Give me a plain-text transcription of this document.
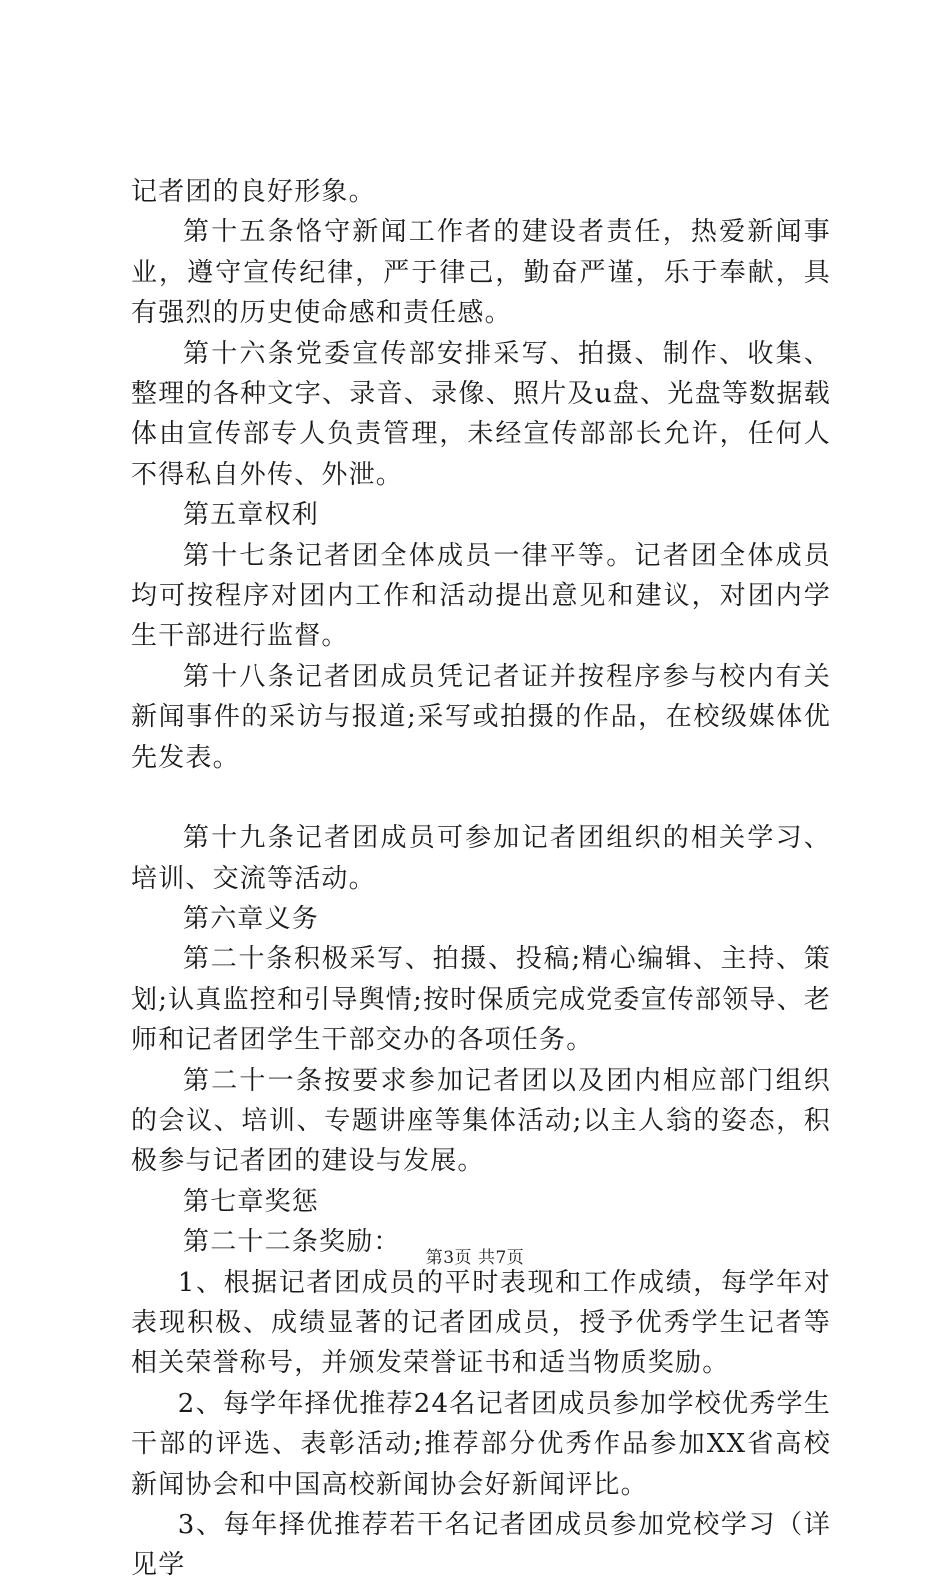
记者团的良好形象。

第十五条恪守新闻工作者的建设者责任，热爱新闻事业，遵守宣传纪律，严于律己，勤奋严谨，乐于奉献，具有强烈的历史使命感和责任感。

第十六条党委宣传部安排采写、拍摄、制作、收集、整理的各种文字、录音、录像、照片及u盘、光盘等数据载体由宣传部专人负责管理，未经宣传部部长允许，任何人不得私自外传、外泄。

第五章权利

第十七条记者团全体成员一律平等。记者团全体成员均可按程序对团内工作和活动提出意见和建议，对团内学生干部进行监督。

第十八条记者团成员凭记者证并按程序参与校内有关新闻事件的采访与报道;采写或拍摄的作品，在校级媒体优先发表。

第十九条记者团成员可参加记者团组织的相关学习、培训、交流等活动。

第六章义务

第二十条积极采写、拍摄、投稿;精心编辑、主持、策划;认真监控和引导舆情;按时保质完成党委宣传部领导、老师和记者团学生干部交办的各项任务。

第二十一条按要求参加记者团以及团内相应部门组织的会议、培训、专题讲座等集体活动;以主人翁的姿态，积极参与记者团的建设与发展。

第七章奖惩

第二十二条奖励：

1、根据记者团成员的平时表现和工作成绩，每学年对表现积极、成绩显著的记者团成员，授予优秀学生记者等相关荣誉称号，并颁发荣誉证书和适当物质奖励。

2、每学年择优推荐24名记者团成员参加学校优秀学生干部的评选、表彰活动;推荐部分优秀作品参加XX省高校新闻协会和中国高校新闻协会好新闻评比。

3、每年择优推荐若干名记者团成员参加党校学习（详见学

第3页 共7页
